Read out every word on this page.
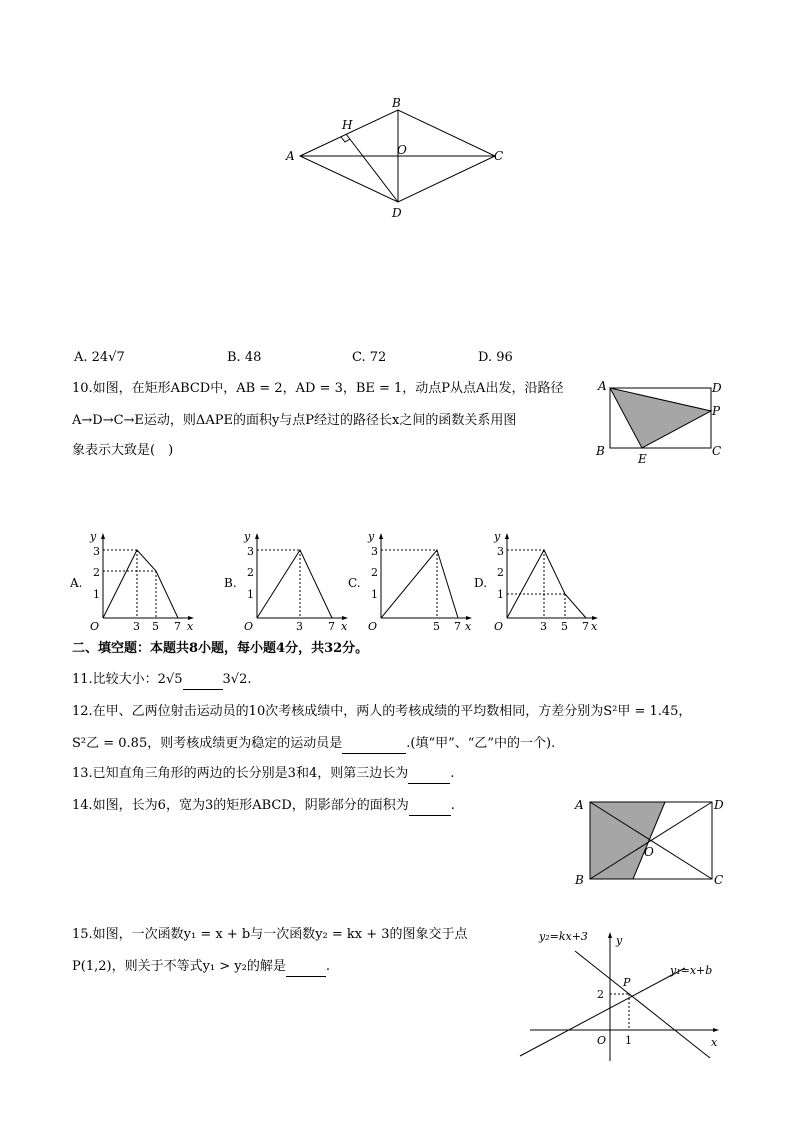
A
B
C
D
H
O
A. 24√7	B. 48	C. 72	D. 96
10.如图，在矩形ABCD中，AB = 2，AD = 3，BE = 1，动点P从点A出发，沿路径
A→D→C→E运动，则ΔAPE的面积y与点P经过的路径长x之间的函数关系用图
象表示大致是(　)
A	D
P
B	C
E
A.
y
x
O
3
2
1
3 5 7
B.
y
x
O
3
2
1
3 7
C.
y
x
O
3
2
1
5 7
D.
y
x
O
3
2
1
3 5 7
二、填空题：本题共8小题，每小题4分，共32分。
11.比较大小：2√5	3√2.
12.在甲、乙两位射击运动员的10次考核成绩中，两人的考核成绩的平均数相同，方差分别为S²甲 = 1.45，
S²乙 = 0.85，则考核成绩更为稳定的运动员是	.(填“甲”、“乙”中的一个).
13.已知直角三角形的两边的长分别是3和4，则第三边长为	.
14.如图，长为6，宽为3的矩形ABCD，阴影部分的面积为	.	A	D
B	C
O
15.如图，一次函数y₁ = x + b与一次函数y₂ = kx + 3的图象交于点
P(1,2)，则关于不等式y₁ > y₂的解是	.
y₂=kx+3	y
y₁=x+b
P
2
1
O	x
